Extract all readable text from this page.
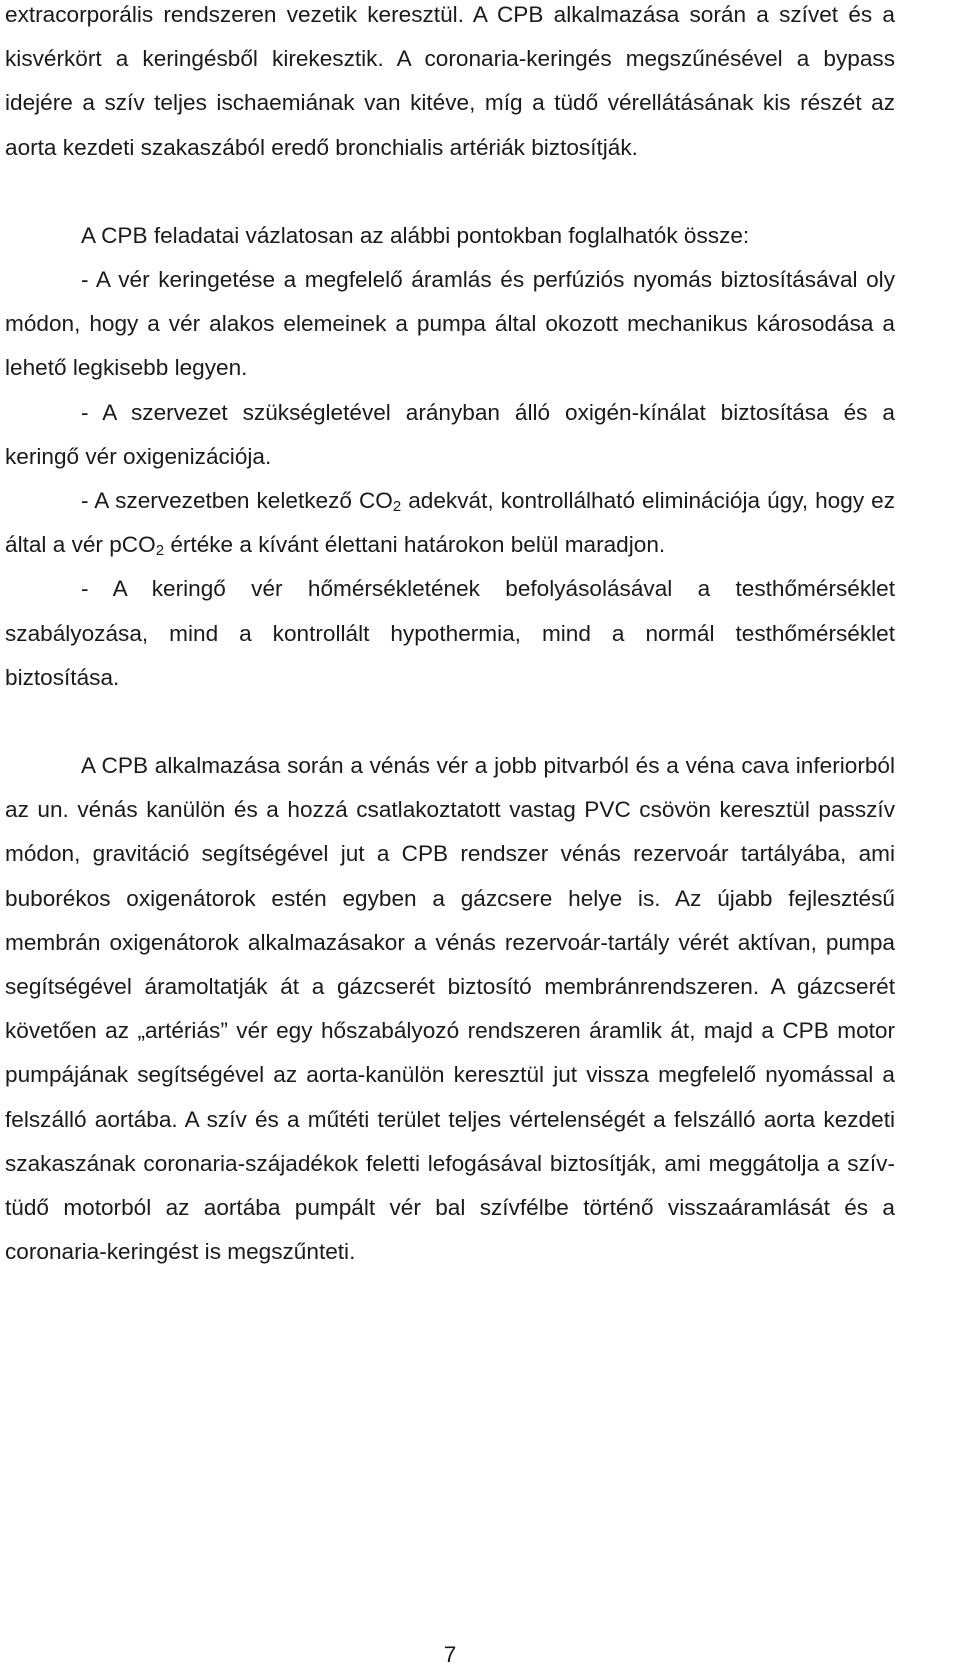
extracorporális rendszeren vezetik keresztül. A CPB alkalmazása során a szívet és a kisvérkört a keringésből kirekesztik. A coronaria-keringés megszűnésével a bypass idejére a szív teljes ischaemiának van kitéve, míg a tüdő vérellátásának kis részét az aorta kezdeti szakaszából eredő bronchialis artériák biztosítják.

A CPB feladatai vázlatosan az alábbi pontokban foglalhatók össze:

- A vér keringetése a megfelelő áramlás és perfúziós nyomás biztosításával oly módon, hogy a vér alakos elemeinek a pumpa által okozott mechanikus károsodása a lehető legkisebb legyen.

- A szervezet szükségletével arányban álló oxigén-kínálat biztosítása és a keringő vér oxigenizációja.

- A szervezetben keletkező $CO_2$ adekvát, kontrollálható eliminációja úgy, hogy ez által a vér pCO$_2$ értéke a kívánt élettani határokon belül maradjon.

- A keringő vér hőmérsékletének befolyásolásával a testhőmérséklet szabályozása, mind a kontrollált hypothermia, mind a normál testhőmérséklet biztosítása.

A CPB alkalmazása során a vénás vér a jobb pitvarból és a véna cava inferiorból az un. vénás kanülön és a hozzá csatlakoztatott vastag PVC csövön keresztül passzív módon, gravitáció segítségével jut a CPB rendszer vénás rezervoár tartályába, ami buborékos oxigenátorok estén egyben a gázcsere helye is. Az újabb fejlesztésű membrán oxigenátorok alkalmazásakor a vénás rezervoár-tartály vérét aktívan, pumpa segítségével áramoltatják át a gázcserét biztosító membránrendszeren. A gázcserét követően az „artériás” vér egy hőszabályozó rendszeren áramlik át, majd a CPB motor pumpájának segítségével az aorta-kanülön keresztül jut vissza megfelelő nyomással a felszálló aortába. A szív és a műtéti terület teljes vértelenségét a felszálló aorta kezdeti szakaszának coronaria-szájadékok feletti lefogásával biztosítják, ami meggátolja a szív-tüdő motorból az aortába pumpált vér bal szívfélbe történő visszaáramlását és a coronaria-keringést is megszűnteti.

7
